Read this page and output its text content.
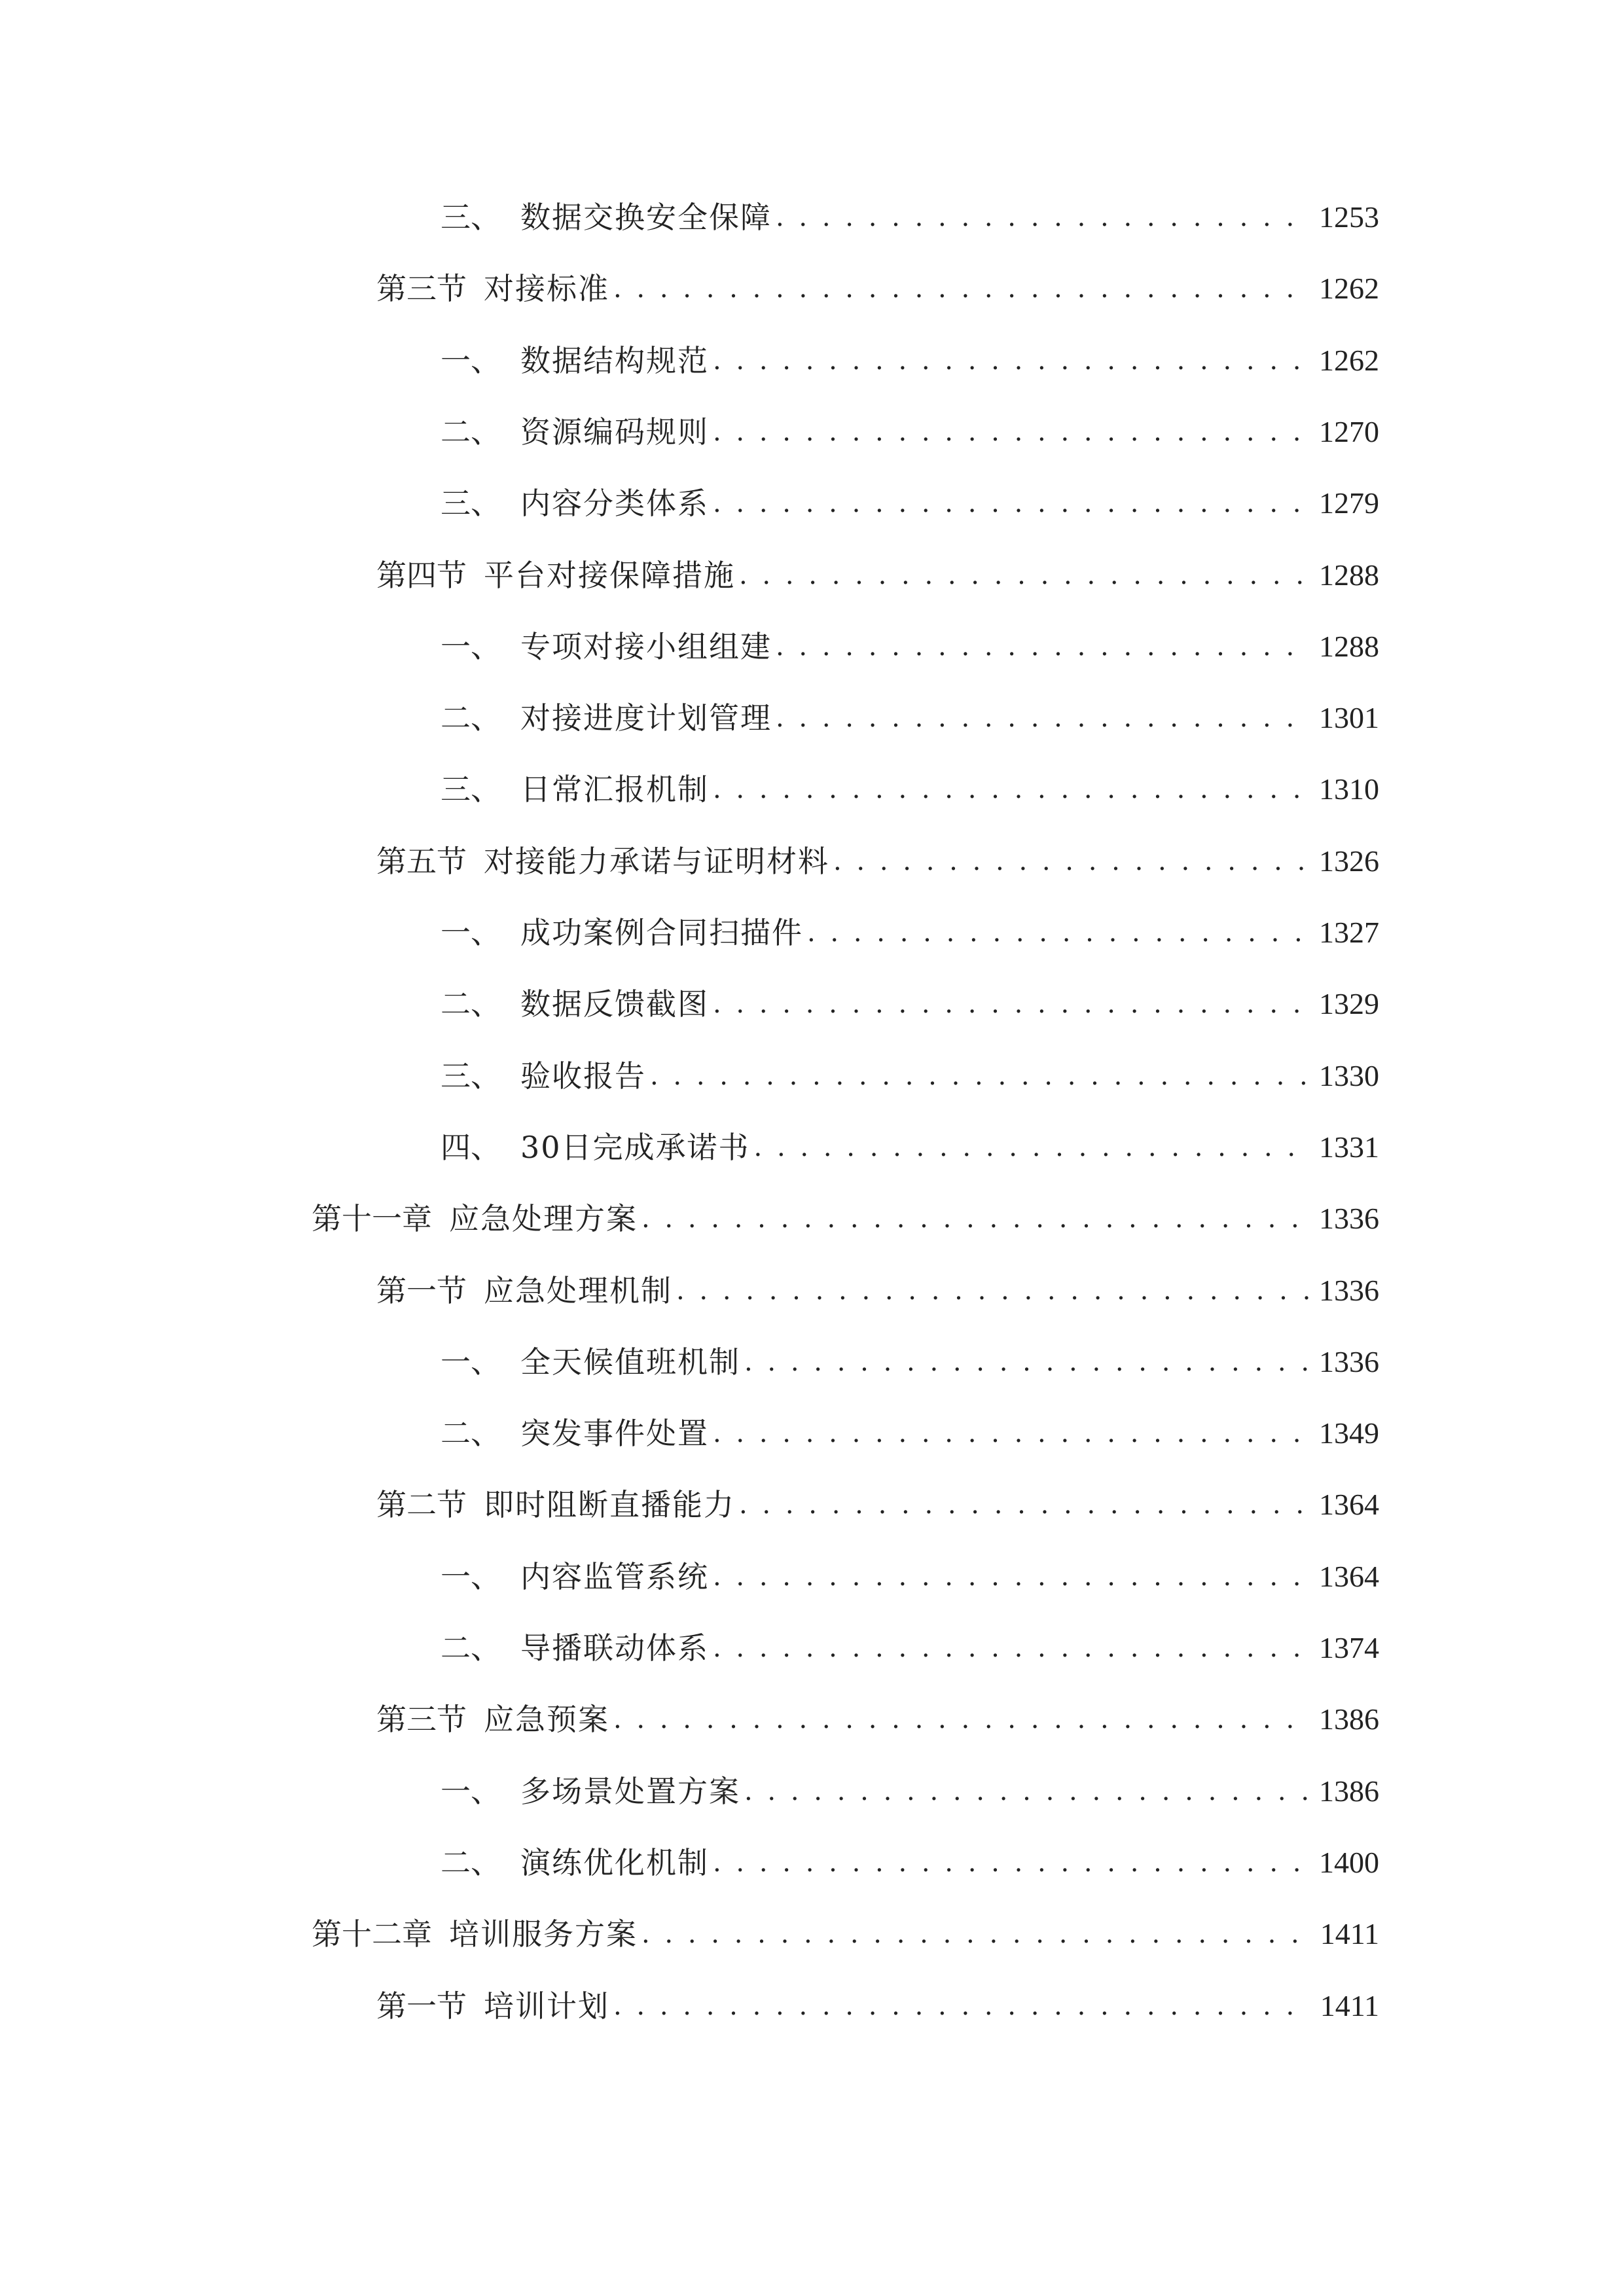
三、 数据交换安全保障 . . .	1253
第三节 对接标准 . . .	1262
一、 数据结构规范 . . .	1262
二、 资源编码规则 . . .	1270
三、 内容分类体系 . . .	1279
第四节 平台对接保障措施 . . .	1288
一、 专项对接小组组建 . . .	1288
二、 对接进度计划管理 . . .	1301
三、 日常汇报机制 . . .	1310
第五节 对接能力承诺与证明材料 . . .	1326
一、 成功案例合同扫描件 . . .	1327
二、 数据反馈截图 . . .	1329
三、 验收报告 . . .	1330
四、 30日完成承诺书 . . .	1331
第十一章 应急处理方案 . . .	1336
第一节 应急处理机制 . . .	1336
一、 全天候值班机制 . . .	1336
二、 突发事件处置 . . .	1349
第二节 即时阻断直播能力 . . .	1364
一、 内容监管系统 . . .	1364
二、 导播联动体系 . . .	1374
第三节 应急预案 . . .	1386
一、 多场景处置方案 . . .	1386
二、 演练优化机制 . . .	1400
第十二章 培训服务方案 . . .	1411
第一节 培训计划 . . .	1411
